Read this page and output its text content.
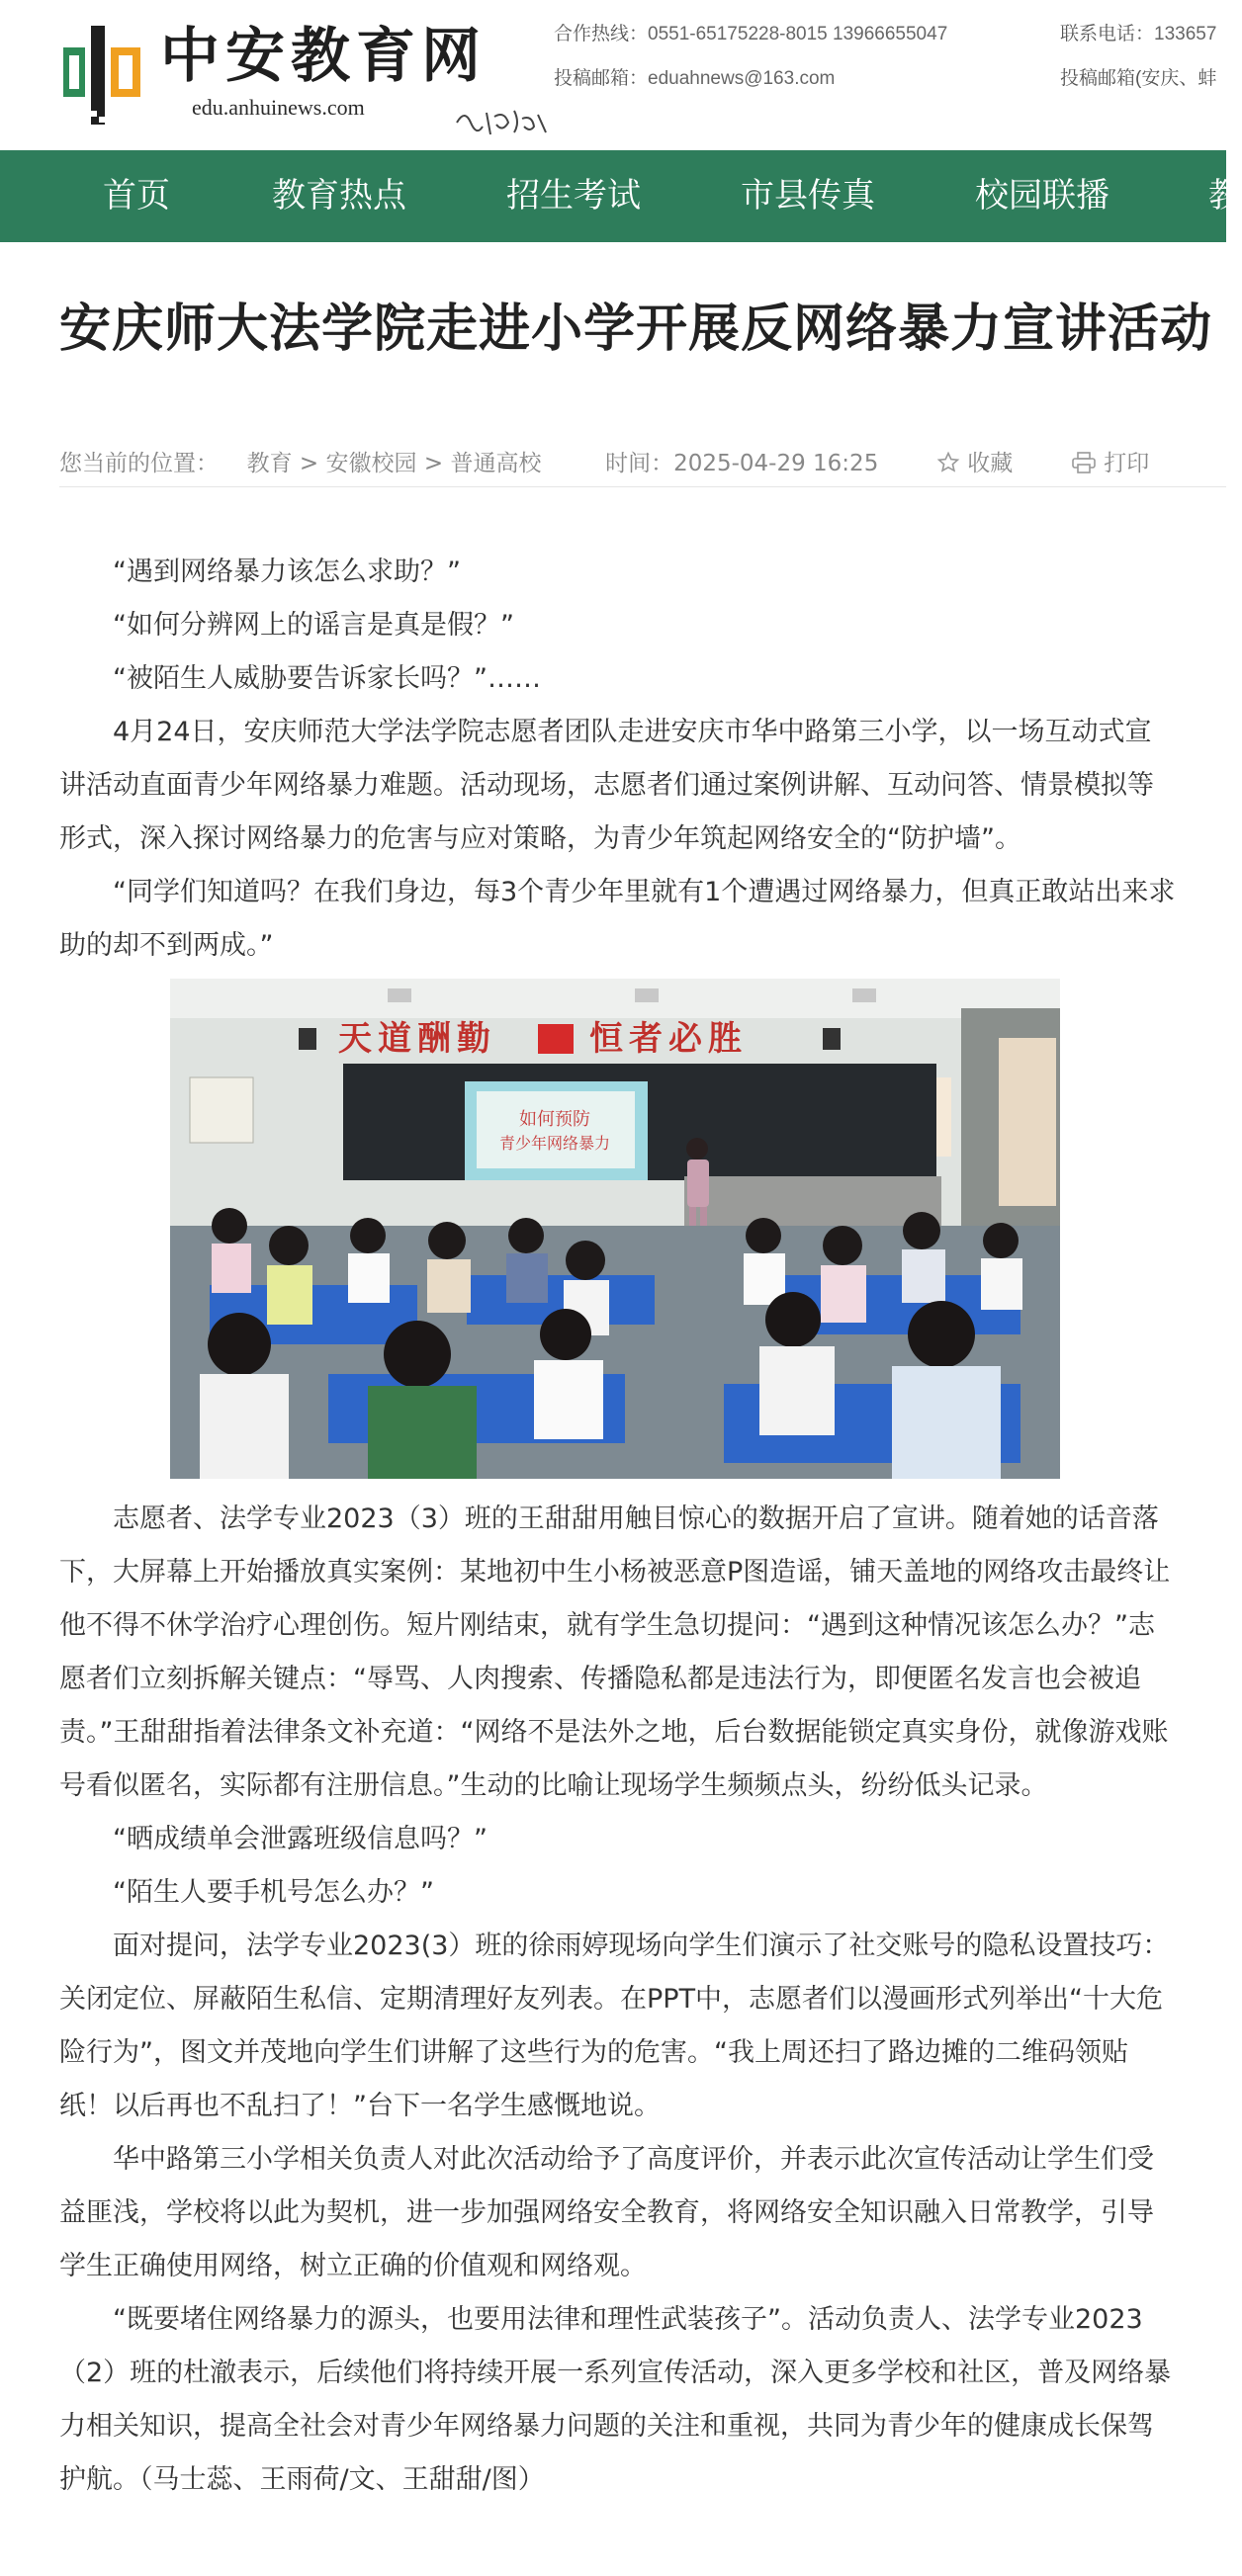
中安教育网
edu.anhuinews.com
合作热线：0551-65175228-8015 13966655047
投稿邮箱：eduahnews@163.com
联系电话：133657
投稿邮箱(安庆、蚌
首页	教育热点	招生考试	市县传真	校园联播	教
安庆师大法学院走进小学开展反网络暴力宣讲活动
您当前的位置： 教育 > 安徽校园 > 普通高校	时间：2025-04-29 16:25	收藏	打印

“遇到网络暴力该怎么求助？”

“如何分辨网上的谣言是真是假？”

“被陌生人威胁要告诉家长吗？”……

4月24日，安庆师范大学法学院志愿者团队走进安庆市华中路第三小学，以一场互动式宣讲活动直面青少年网络暴力难题。活动现场，志愿者们通过案例讲解、互动问答、情景模拟等形式，深入探讨网络暴力的危害与应对策略，为青少年筑起网络安全的“防护墙”。

“同学们知道吗？在我们身边，每3个青少年里就有1个遭遇过网络暴力，但真正敢站出来求助的却不到两成。”

如何预防
青少年网络暴力
天道酬勤	恒者必胜

志愿者、法学专业2023（3）班的王甜甜用触目惊心的数据开启了宣讲。随着她的话音落下，大屏幕上开始播放真实案例：某地初中生小杨被恶意P图造谣，铺天盖地的网络攻击最终让他不得不休学治疗心理创伤。短片刚结束，就有学生急切提问：“遇到这种情况该怎么办？”志愿者们立刻拆解关键点：“辱骂、人肉搜索、传播隐私都是违法行为，即便匿名发言也会被追责。”王甜甜指着法律条文补充道：“网络不是法外之地，后台数据能锁定真实身份，就像游戏账号看似匿名，实际都有注册信息。”生动的比喻让现场学生频频点头，纷纷低头记录。

“晒成绩单会泄露班级信息吗？”

“陌生人要手机号怎么办？”

面对提问，法学专业2023(3）班的徐雨婷现场向学生们演示了社交账号的隐私设置技巧：关闭定位、屏蔽陌生私信、定期清理好友列表。在PPT中，志愿者们以漫画形式列举出“十大危险行为”，图文并茂地向学生们讲解了这些行为的危害。“我上周还扫了路边摊的二维码领贴纸！以后再也不乱扫了！”台下一名学生感慨地说。

华中路第三小学相关负责人对此次活动给予了高度评价，并表示此次宣传活动让学生们受益匪浅，学校将以此为契机，进一步加强网络安全教育，将网络安全知识融入日常教学，引导学生正确使用网络，树立正确的价值观和网络观。

“既要堵住网络暴力的源头，也要用法律和理性武装孩子”。活动负责人、法学专业2023（2）班的杜澈表示，后续他们将持续开展一系列宣传活动，深入更多学校和社区，普及网络暴力相关知识，提高全社会对青少年网络暴力问题的关注和重视，共同为青少年的健康成长保驾护航。（马士蕊、王雨荷/文、王甜甜/图）
